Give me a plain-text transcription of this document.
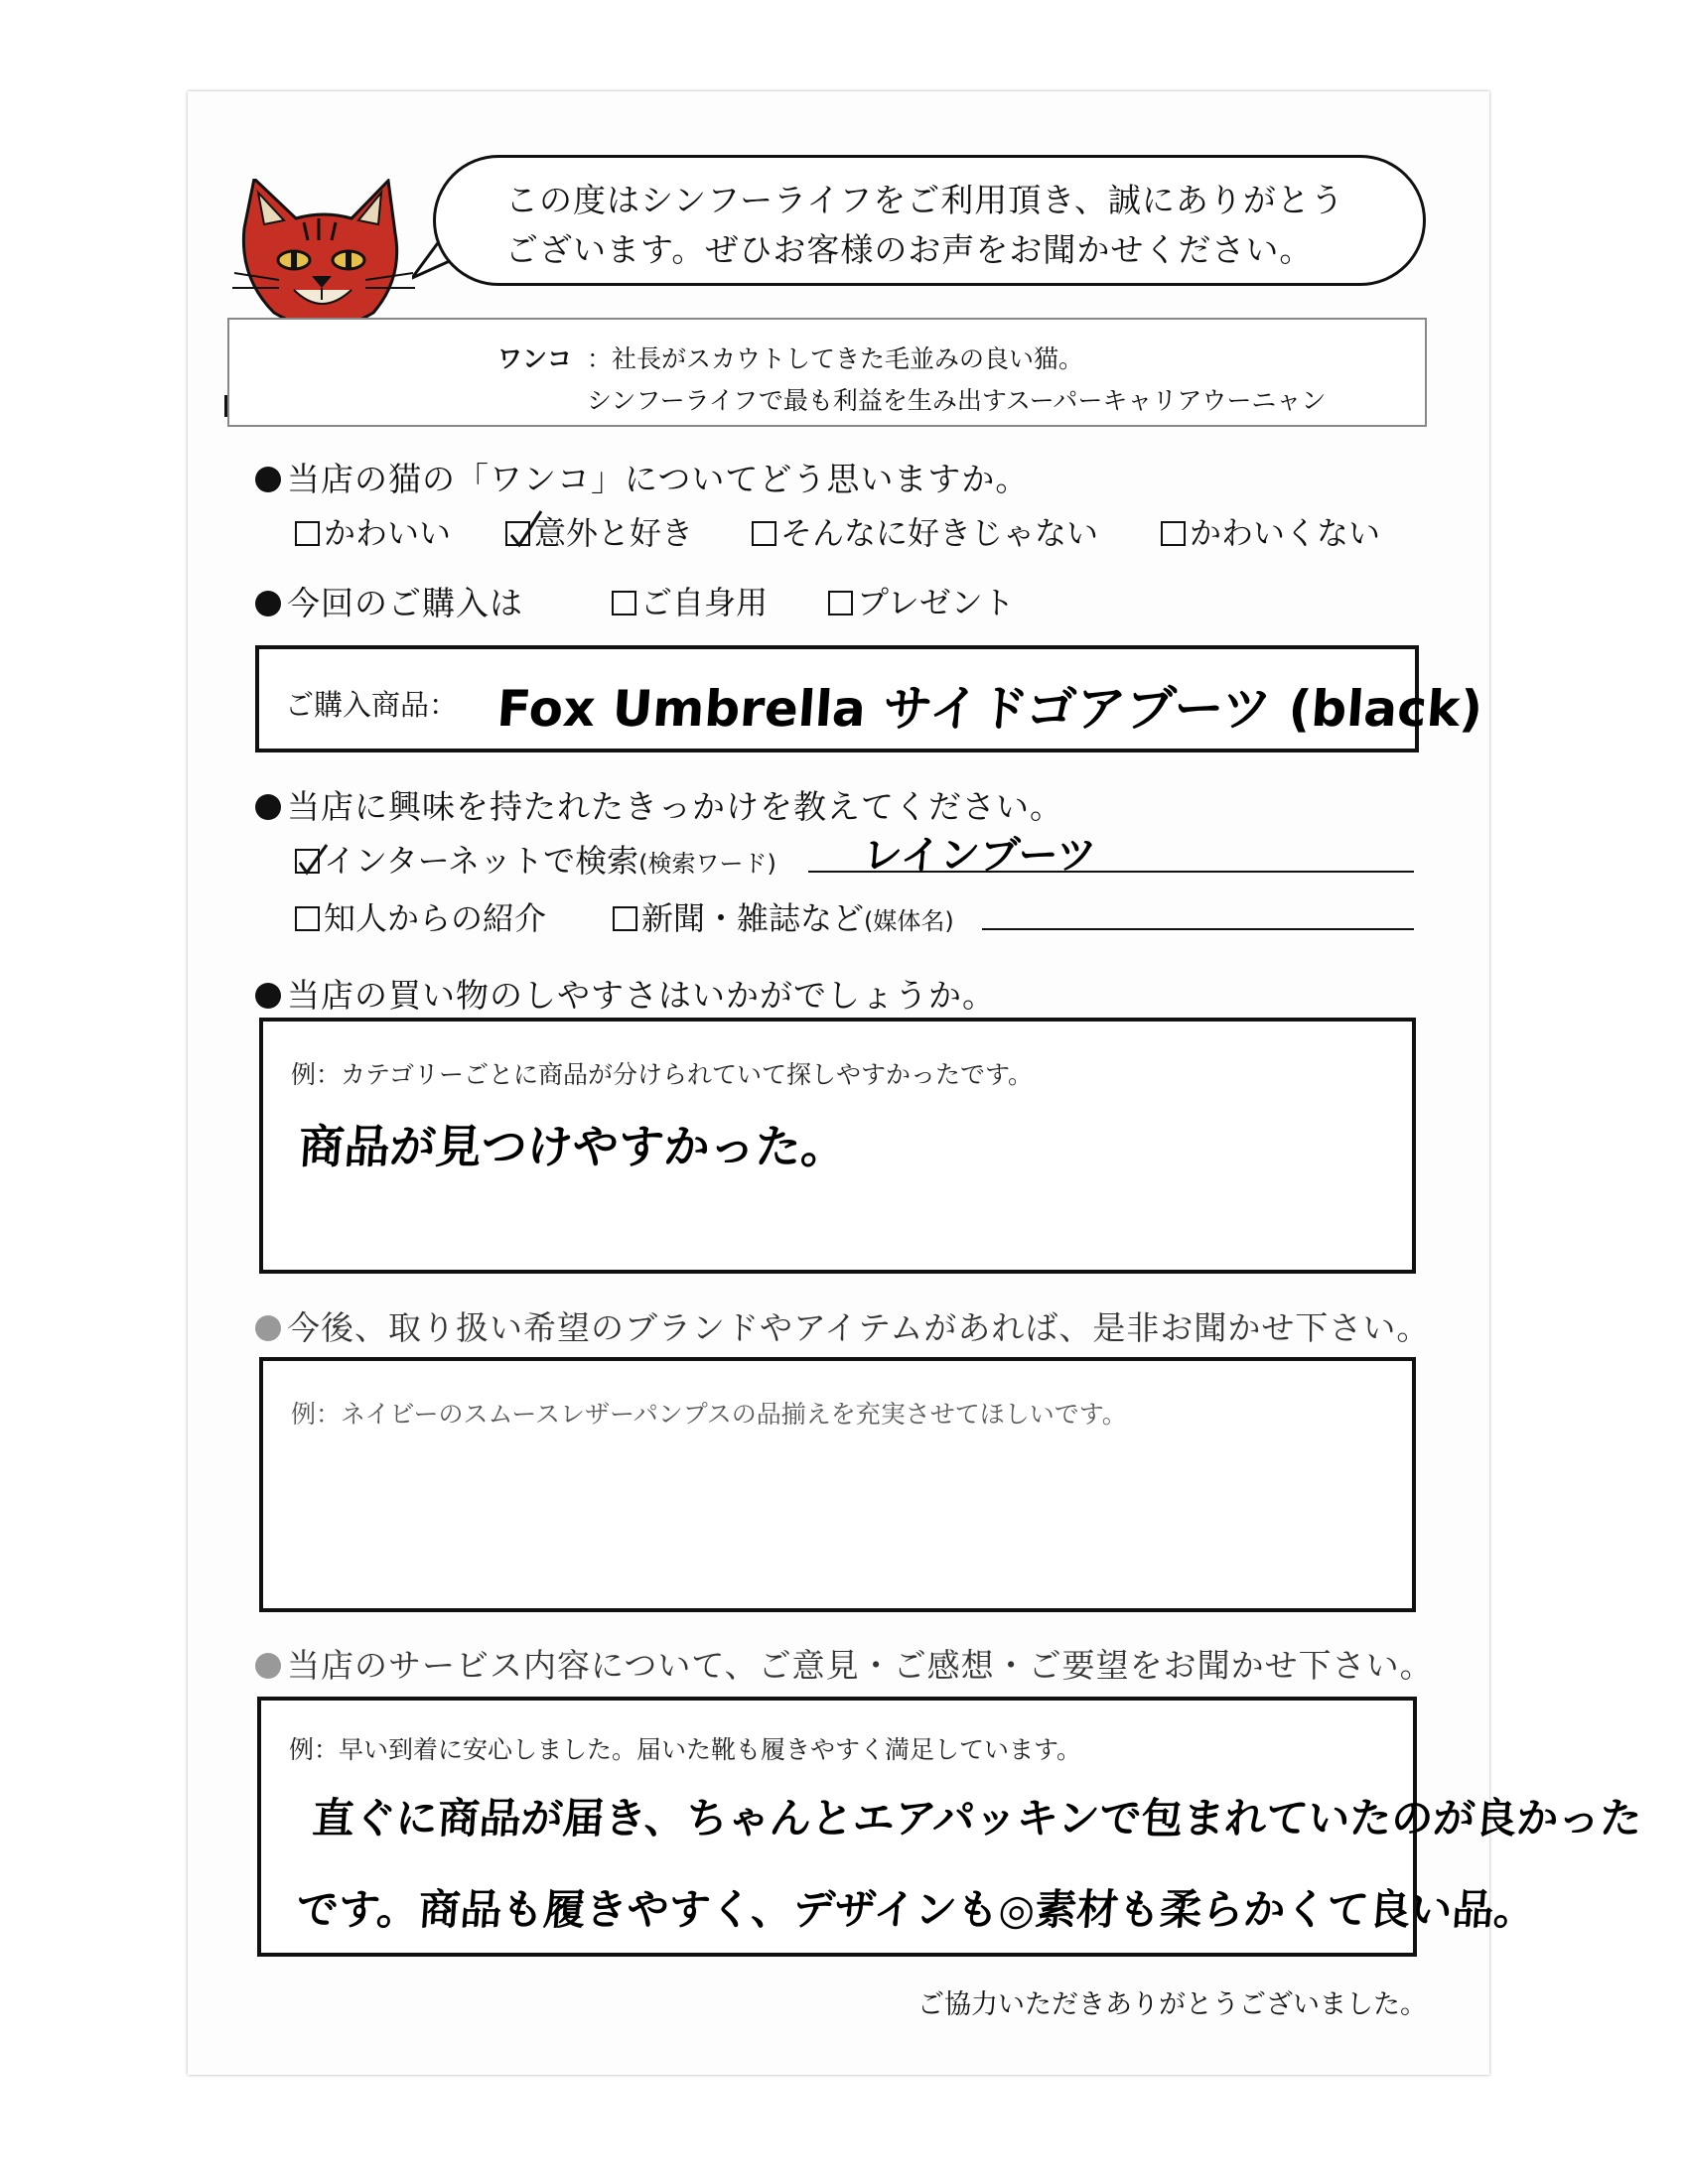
この度はシンフーライフをご利用頂き、誠にありがとう
ございます。ぜひお客様のお声をお聞かせください。
ワンコ ：社長がスカウトしてきた毛並みの良い猫。
シンフーライフで最も利益を生み出すスーパーキャリアウーニャン
当店の猫の「ワンコ」についてどう思いますか。
かわいい	意外と好き	そんなに好きじゃない	かわいくない
今回のご購入は	ご自身用	プレゼント
ご購入商品： Fox Umbrella サイドゴアブーツ (black)
当店に興味を持たれたきっかけを教えてください。
インターネットで検索(検索ワード) レインブーツ
知人からの紹介	新聞・雑誌など(媒体名)
当店の買い物のしやすさはいかがでしょうか。
例：カテゴリーごとに商品が分けられていて探しやすかったです。
商品が見つけやすかった。
今後、取り扱い希望のブランドやアイテムがあれば、是非お聞かせ下さい。
例：ネイビーのスムースレザーパンプスの品揃えを充実させてほしいです。
当店のサービス内容について、ご意見・ご感想・ご要望をお聞かせ下さい。
例：早い到着に安心しました。届いた靴も履きやすく満足しています。
直ぐに商品が届き、ちゃんとエアパッキンで包まれていたのが良かった
です。商品も履きやすく、デザインも◎素材も柔らかくて良い品。
ご協力いただきありがとうございました。
